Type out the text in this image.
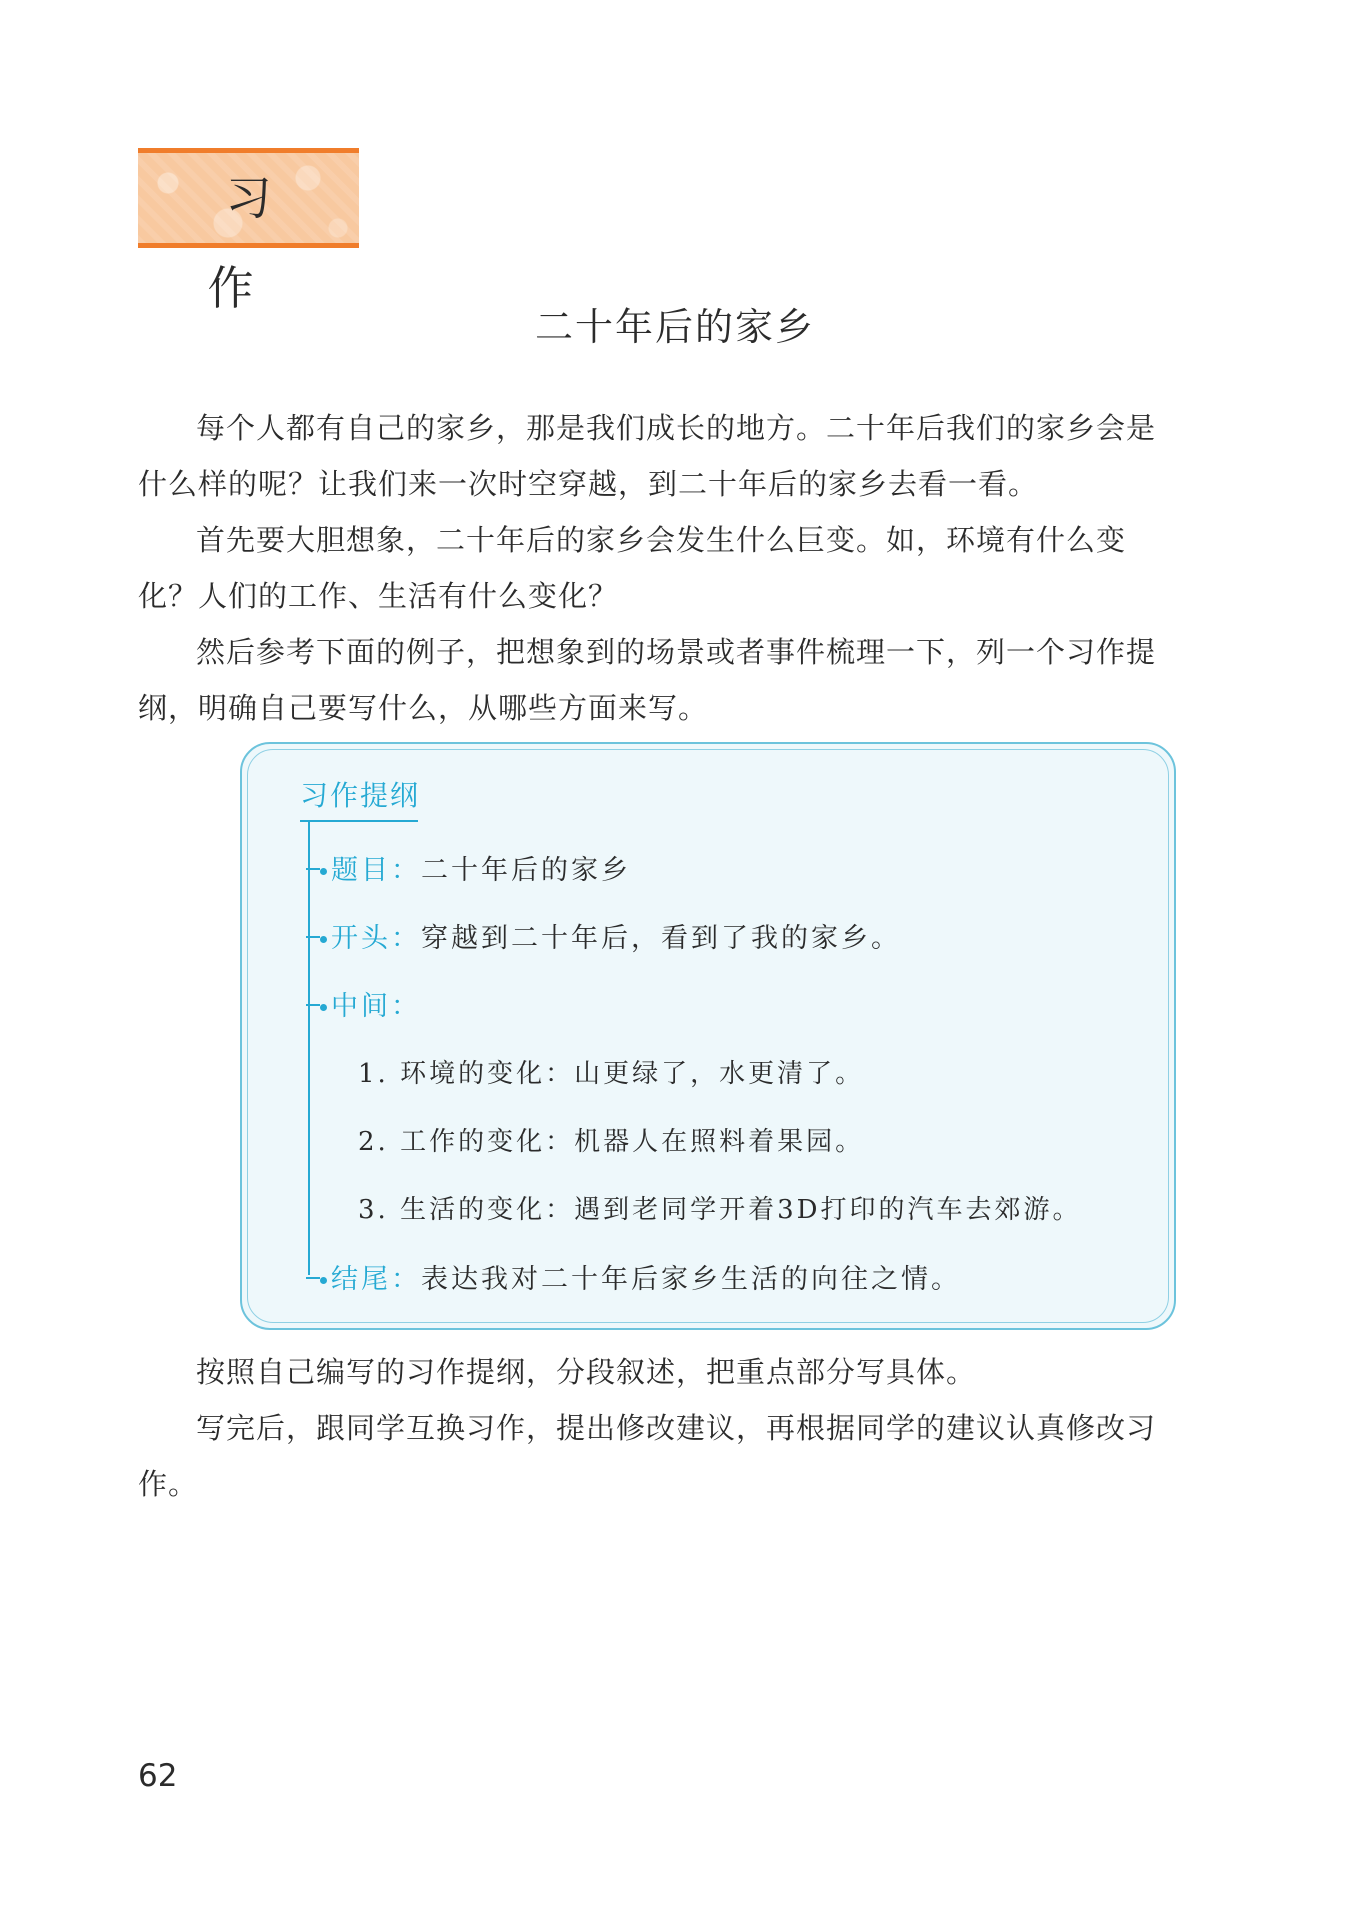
习 作
二十年后的家乡

每个人都有自己的家乡，那是我们成长的地方。二十年后我们的家乡会是什么样的呢？让我们来一次时空穿越，到二十年后的家乡去看一看。

首先要大胆想象，二十年后的家乡会发生什么巨变。如，环境有什么变化？人们的工作、生活有什么变化？

然后参考下面的例子，把想象到的场景或者事件梳理一下，列一个习作提纲，明确自己要写什么，从哪些方面来写。

习作提纲
题目：二十年后的家乡
开头：穿越到二十年后，看到了我的家乡。
中间：
1. 环境的变化：山更绿了，水更清了。
2. 工作的变化：机器人在照料着果园。
3. 生活的变化：遇到老同学开着3D打印的汽车去郊游。
结尾：表达我对二十年后家乡生活的向往之情。

按照自己编写的习作提纲，分段叙述，把重点部分写具体。

写完后，跟同学互换习作，提出修改建议，再根据同学的建议认真修改习作。

62
